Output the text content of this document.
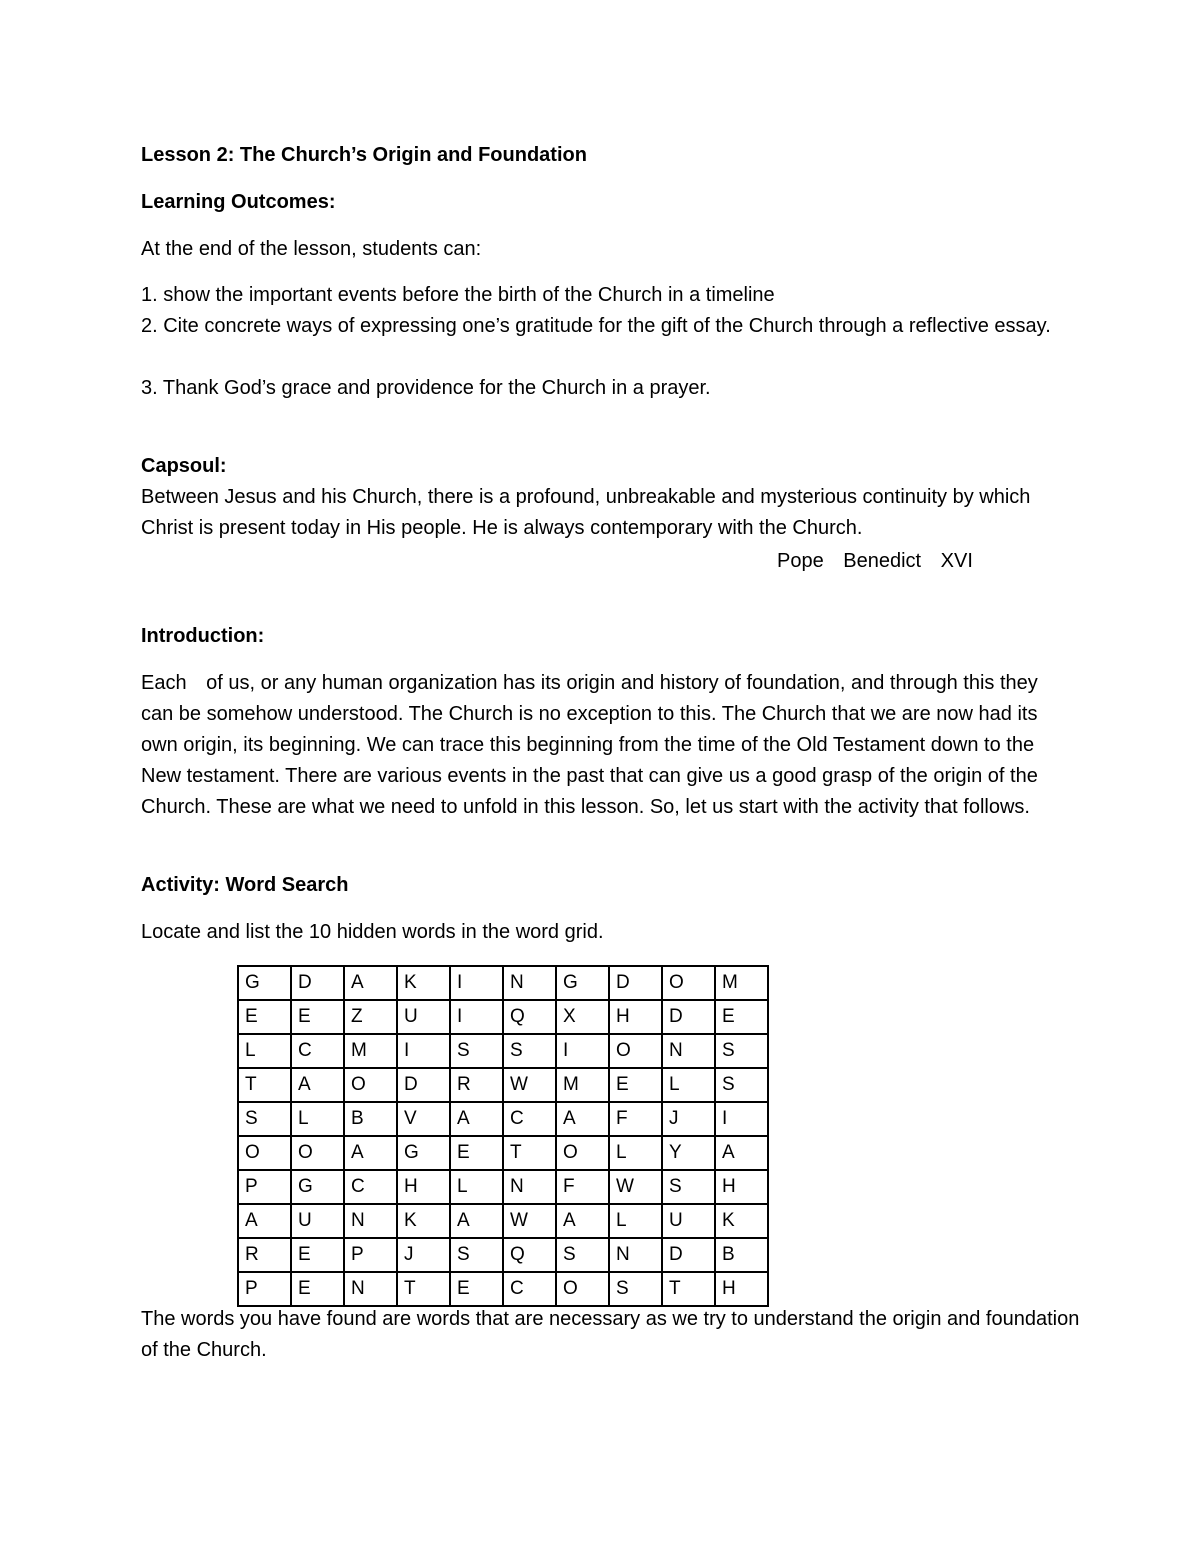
Lesson 2: The Church’s Origin and Foundation

Learning Outcomes:

At the end of the lesson, students can:

1. show the important events before the birth of the Church in a timeline

2. Cite concrete ways of expressing one’s gratitude for the gift of the Church through a reflective essay.

3. Thank God’s grace and providence for the Church in a prayer.

Capsoul:

Between Jesus and his Church, there is a profound, unbreakable and mysterious continuity by which Christ is present today in His people. He is always contemporary with the Church.

Pope Benedict XVI

Introduction:

Each of us, or any human organization has its origin and history of foundation, and through this they can be somehow understood. The Church is no exception to this. The Church that we are now had its own origin, its beginning. We can trace this beginning from the time of the Old Testament down to the New testament. There are various events in the past that can give us a good grasp of the origin of the Church. These are what we need to unfold in this lesson. So, let us start with the activity that follows.

Activity: Word Search

Locate and list the 10 hidden words in the word grid.

G	D	A	K	I	N	G	D	O	M
E	E	Z	U	I	Q	X	H	D	E
L	C	M	I	S	S	I	O	N	S
T	A	O	D	R	W	M	E	L	S
S	L	B	V	A	C	A	F	J	I
O	O	A	G	E	T	O	L	Y	A
P	G	C	H	L	N	F	W	S	H
A	U	N	K	A	W	A	L	U	K
R	E	P	J	S	Q	S	N	D	B
P	E	N	T	E	C	O	S	T	H

The words you have found are words that are necessary as we try to understand the origin and foundation of the Church.
